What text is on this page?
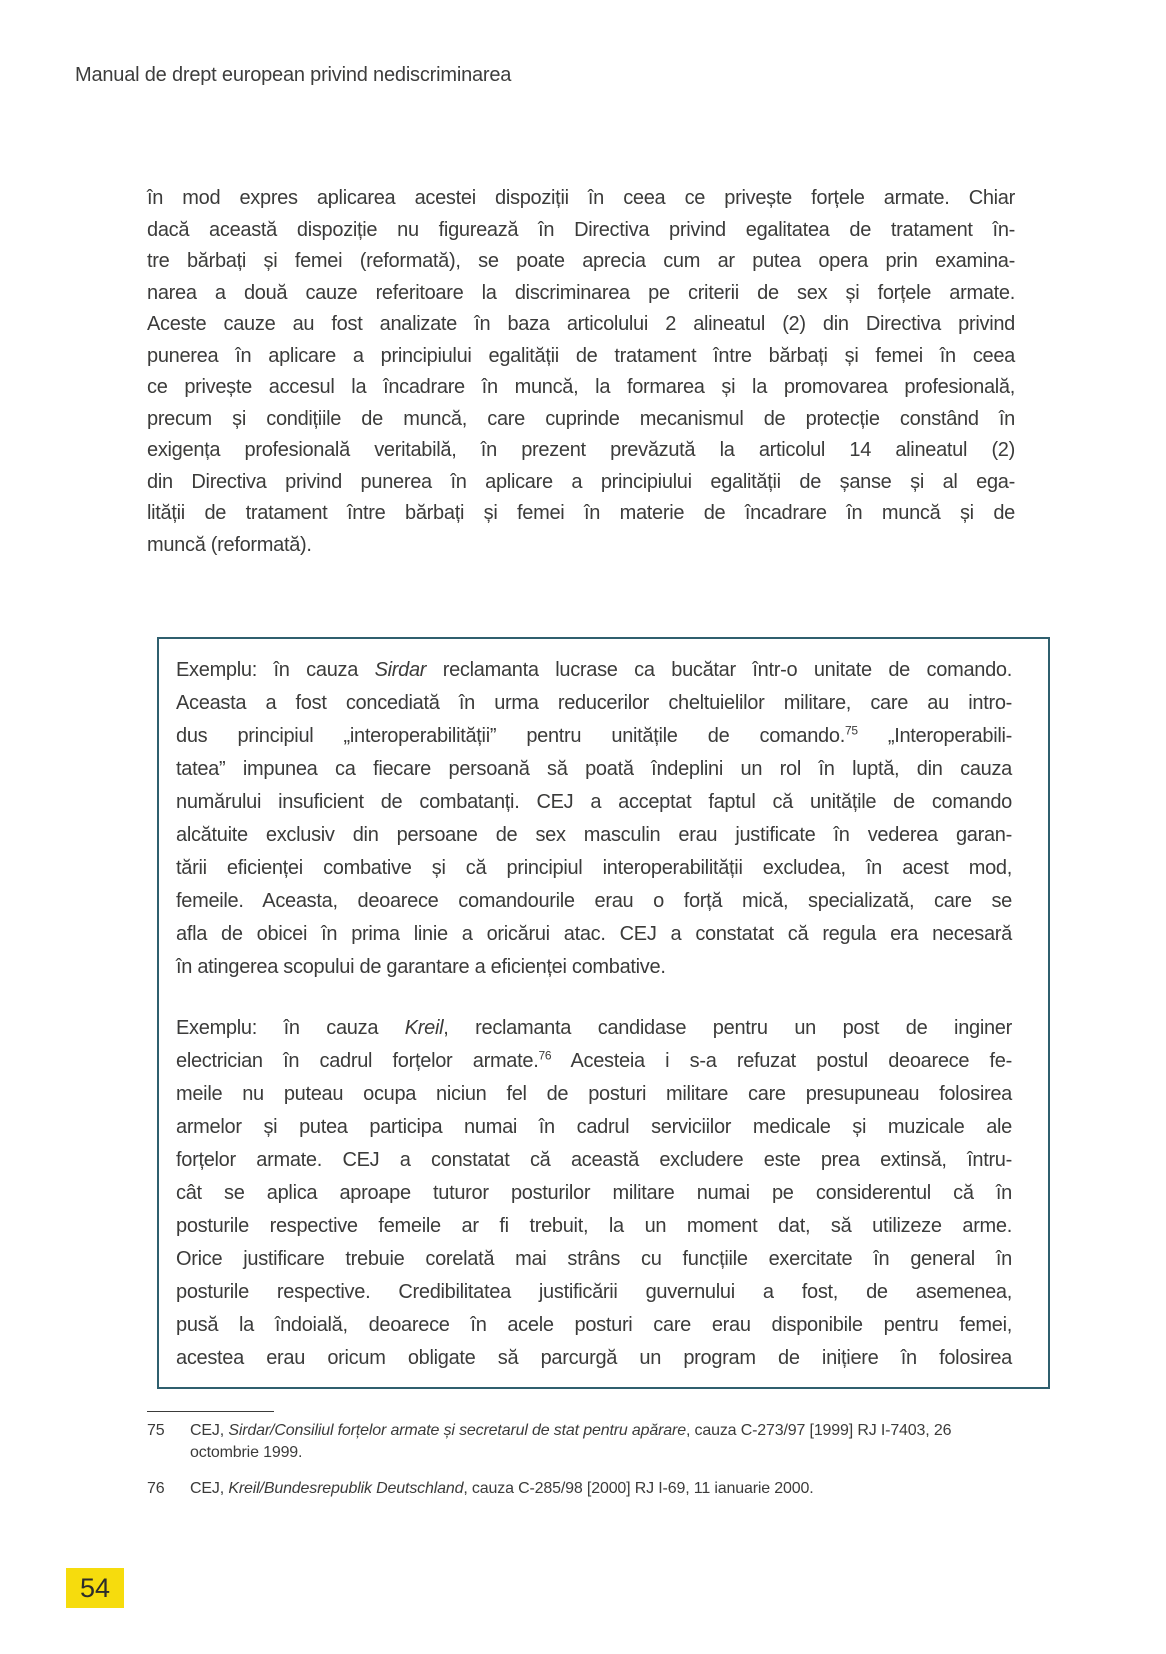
Manual de drept european privind nediscriminarea
în mod expres aplicarea acestei dispoziții în ceea ce privește forțele armate. Chiar
dacă această dispoziție nu figurează în Directiva privind egalitatea de tratament în-
tre bărbați și femei (reformată), se poate aprecia cum ar putea opera prin examina-
narea a două cauze referitoare la discriminarea pe criterii de sex și forțele armate.
Aceste cauze au fost analizate în baza articolului 2 alineatul (2) din Directiva privind
punerea în aplicare a principiului egalității de tratament între bărbați și femei în ceea
ce privește accesul la încadrare în muncă, la formarea și la promovarea profesională,
precum și condițiile de muncă, care cuprinde mecanismul de protecție constând în
exigența profesională veritabilă, în prezent prevăzută la articolul 14 alineatul (2)
din Directiva privind punerea în aplicare a principiului egalității de șanse și al ega-
lității de tratament între bărbați și femei în materie de încadrare în muncă și de
muncă (reformată).
Exemplu: în cauza Sirdar reclamanta lucrase ca bucătar într-o unitate de comando.
Aceasta a fost concediată în urma reducerilor cheltuielilor militare, care au intro-
dus principiul „interoperabilității” pentru unitățile de comando.$^{75}$ „Interoperabili-
tatea” impunea ca fiecare persoană să poată îndeplini un rol în luptă, din cauza
numărului insuficient de combatanți. CEJ a acceptat faptul că unitățile de comando
alcătuite exclusiv din persoane de sex masculin erau justificate în vederea garan-
tării eficienței combative și că principiul interoperabilității excludea, în acest mod,
femeile. Aceasta, deoarece comandourile erau o forță mică, specializată, care se
afla de obicei în prima linie a oricărui atac. CEJ a constatat că regula era necesară
în atingerea scopului de garantare a eficienței combative.
Exemplu: în cauza Kreil, reclamanta candidase pentru un post de inginer
electrician în cadrul forțelor armate.$^{76}$ Acesteia i s-a refuzat postul deoarece fe-
meile nu puteau ocupa niciun fel de posturi militare care presupuneau folosirea
armelor și putea participa numai în cadrul serviciilor medicale și muzicale ale
forțelor armate. CEJ a constatat că această excludere este prea extinsă, întru-
cât se aplica aproape tuturor posturilor militare numai pe considerentul că în
posturile respective femeile ar fi trebuit, la un moment dat, să utilizeze arme.
Orice justificare trebuie corelată mai strâns cu funcțiile exercitate în general în
posturile respective. Credibilitatea justificării guvernului a fost, de asemenea,
pusă la îndoială, deoarece în acele posturi care erau disponibile pentru femei,
acestea erau oricum obligate să parcurgă un program de inițiere în folosirea
75	CEJ, Sirdar/Consiliul forțelor armate și secretarul de stat pentru apărare, cauza C-273/97 [1999] RJ I-7403, 26 octombrie 1999.
76	CEJ, Kreil/Bundesrepublik Deutschland, cauza C-285/98 [2000] RJ I-69, 11 ianuarie 2000.
54
